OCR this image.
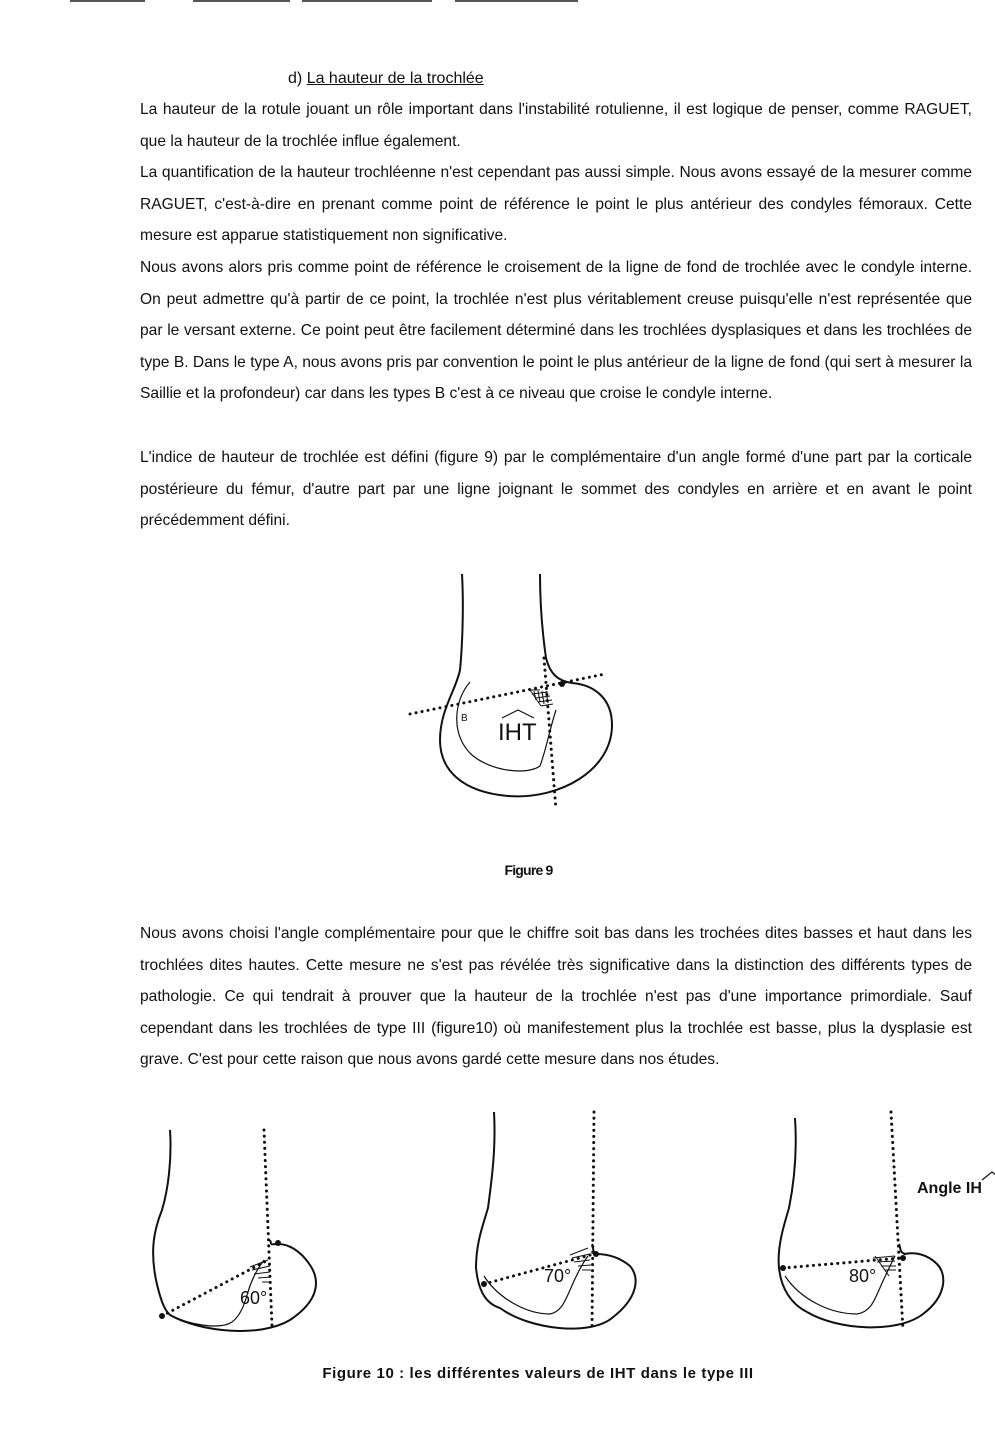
d) La hauteur de la trochlée

La hauteur de la rotule jouant un rôle important dans l'instabilité rotulienne, il est logique de penser, comme RAGUET, que la hauteur de la trochlée influe également.

La quantification de la hauteur trochléenne n'est cependant pas aussi simple. Nous avons essayé de la mesurer comme RAGUET, c'est-à-dire en prenant comme point de référence le point le plus antérieur des condyles fémoraux. Cette mesure est apparue statistiquement non significative.

Nous avons alors pris comme point de référence le croisement de la ligne de fond de trochlée avec le condyle interne. On peut admettre qu'à partir de ce point, la trochlée n'est plus véritablement creuse puisqu'elle n'est représentée que par le versant externe. Ce point peut être facilement déterminé dans les trochlées dysplasiques et dans les trochlées de type B. Dans le type A, nous avons pris par convention le point le plus antérieur de la ligne de fond (qui sert à mesurer la Saillie et la profondeur) car dans les types B c'est à ce niveau que croise le condyle interne.

L'indice de hauteur de trochlée est défini (figure 9) par le complémentaire d'un angle formé d'une part par la corticale postérieure du fémur, d'autre part par une ligne joignant le sommet des condyles en arrière et en avant le point précédemment défini.

B
IHT
Figure 9

Nous avons choisi l'angle complémentaire pour que le chiffre soit bas dans les trochées dites basses et haut dans les trochlées dites hautes. Cette mesure ne s'est pas révélée très significative dans la distinction des différents types de pathologie. Ce qui tendrait à prouver que la hauteur de la trochlée n'est pas d'une importance primordiale. Sauf cependant dans les trochlées de type III (figure10) où manifestement plus la trochlée est basse, plus la dysplasie est grave. C'est pour cette raison que nous avons gardé cette mesure dans nos études.

60°
70°	80°
Angle IH
Figure 10 : les différentes valeurs de IHT dans le type III
